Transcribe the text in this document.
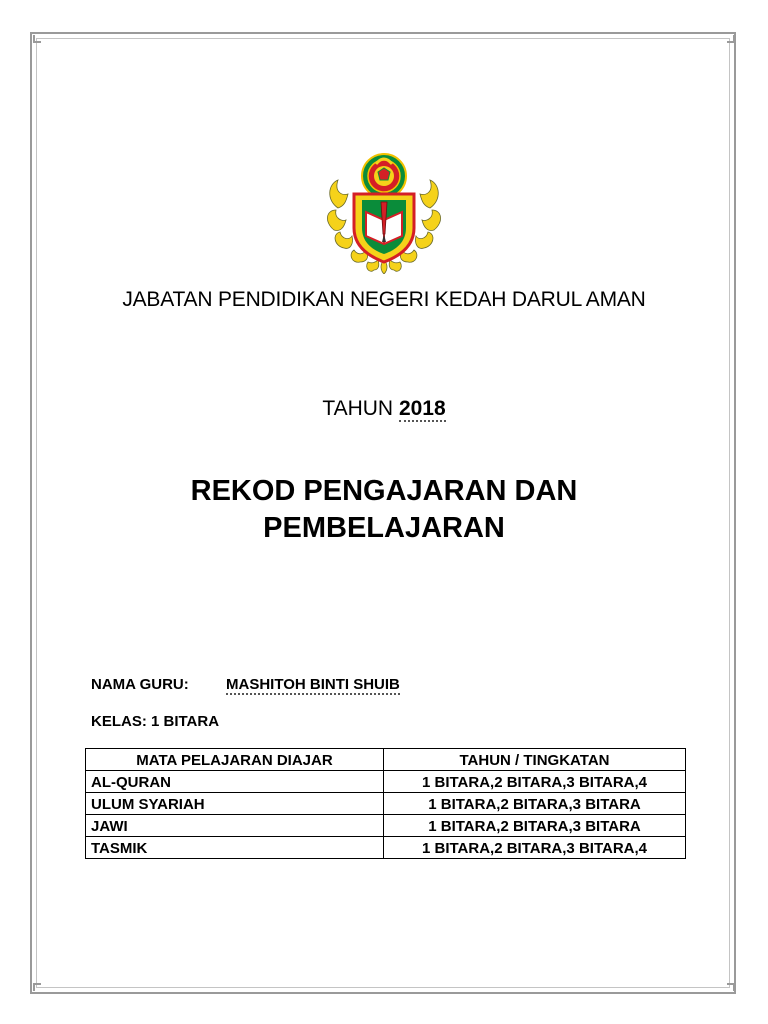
JABATAN PENDIDIKAN NEGERI KEDAH DARUL AMAN
TAHUN 2018
REKOD PENGAJARAN DAN
PEMBELAJARAN
NAMA GURU: MASHITOH BINTI SHUIB
KELAS: 1 BITARA
MATA PELAJARAN DIAJAR	TAHUN / TINGKATAN
AL-QURAN	1 BITARA,2 BITARA,3 BITARA,4
ULUM SYARIAH	1 BITARA,2 BITARA,3 BITARA
JAWI	1 BITARA,2 BITARA,3 BITARA
TASMIK	1 BITARA,2 BITARA,3 BITARA,4
